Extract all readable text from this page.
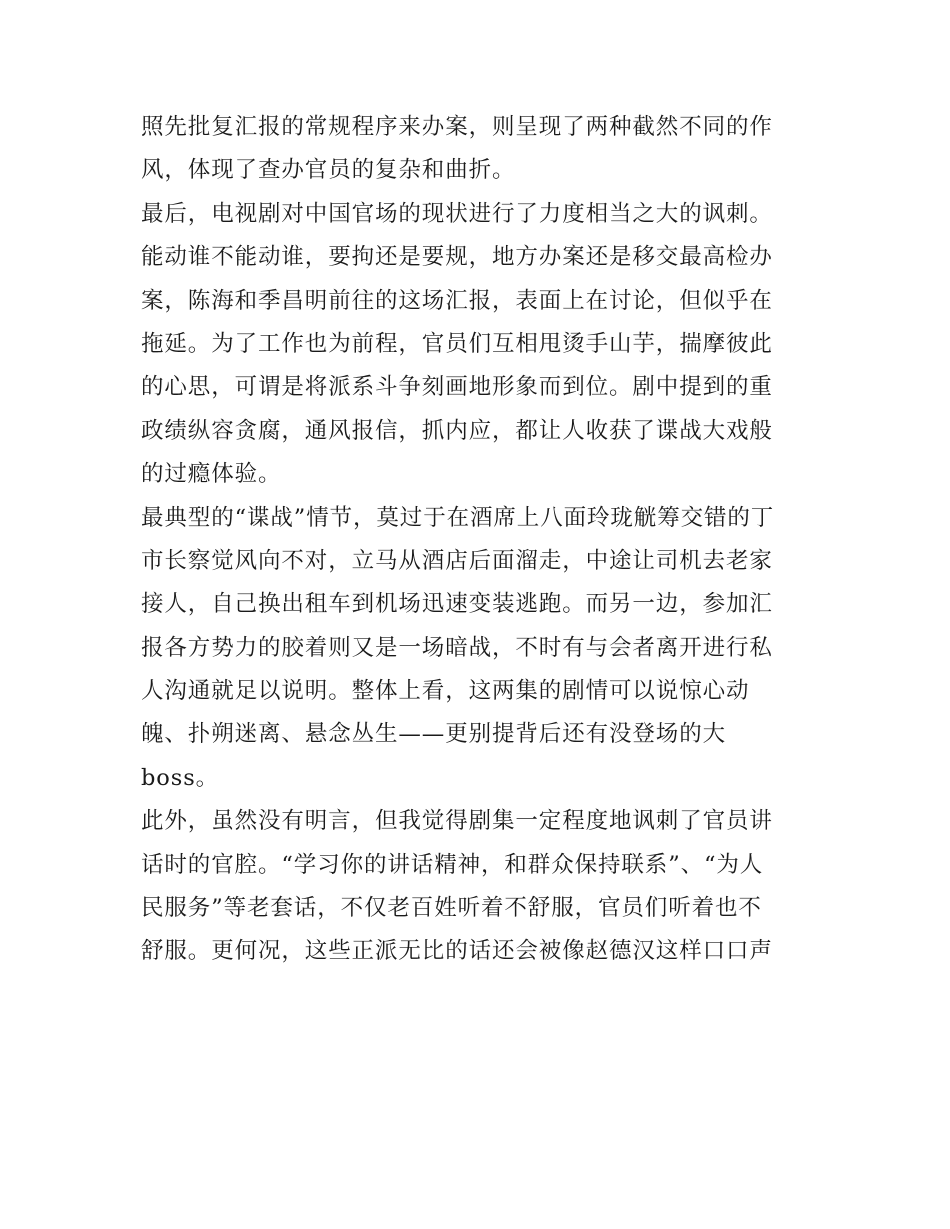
照先批复汇报的常规程序来办案，则呈现了两种截然不同的作
风，体现了查办官员的复杂和曲折。
最后，电视剧对中国官场的现状进行了力度相当之大的讽刺。
能动谁不能动谁，要拘还是要规，地方办案还是移交最高检办
案，陈海和季昌明前往的这场汇报，表面上在讨论，但似乎在
拖延。为了工作也为前程，官员们互相甩烫手山芋，揣摩彼此
的心思，可谓是将派系斗争刻画地形象而到位。剧中提到的重
政绩纵容贪腐，通风报信，抓内应，都让人收获了谍战大戏般
的过瘾体验。
最典型的“谍战”情节，莫过于在酒席上八面玲珑觥筹交错的丁
市长察觉风向不对，立马从酒店后面溜走，中途让司机去老家
接人，自己换出租车到机场迅速变装逃跑。而另一边，参加汇
报各方势力的胶着则又是一场暗战，不时有与会者离开进行私
人沟通就足以说明。整体上看，这两集的剧情可以说惊心动
魄、扑朔迷离、悬念丛生——更别提背后还有没登场的大
boss。
此外，虽然没有明言，但我觉得剧集一定程度地讽刺了官员讲
话时的官腔。“学习你的讲话精神，和群众保持联系”、“为人
民服务”等老套话，不仅老百姓听着不舒服，官员们听着也不
舒服。更何况，这些正派无比的话还会被像赵德汉这样口口声
